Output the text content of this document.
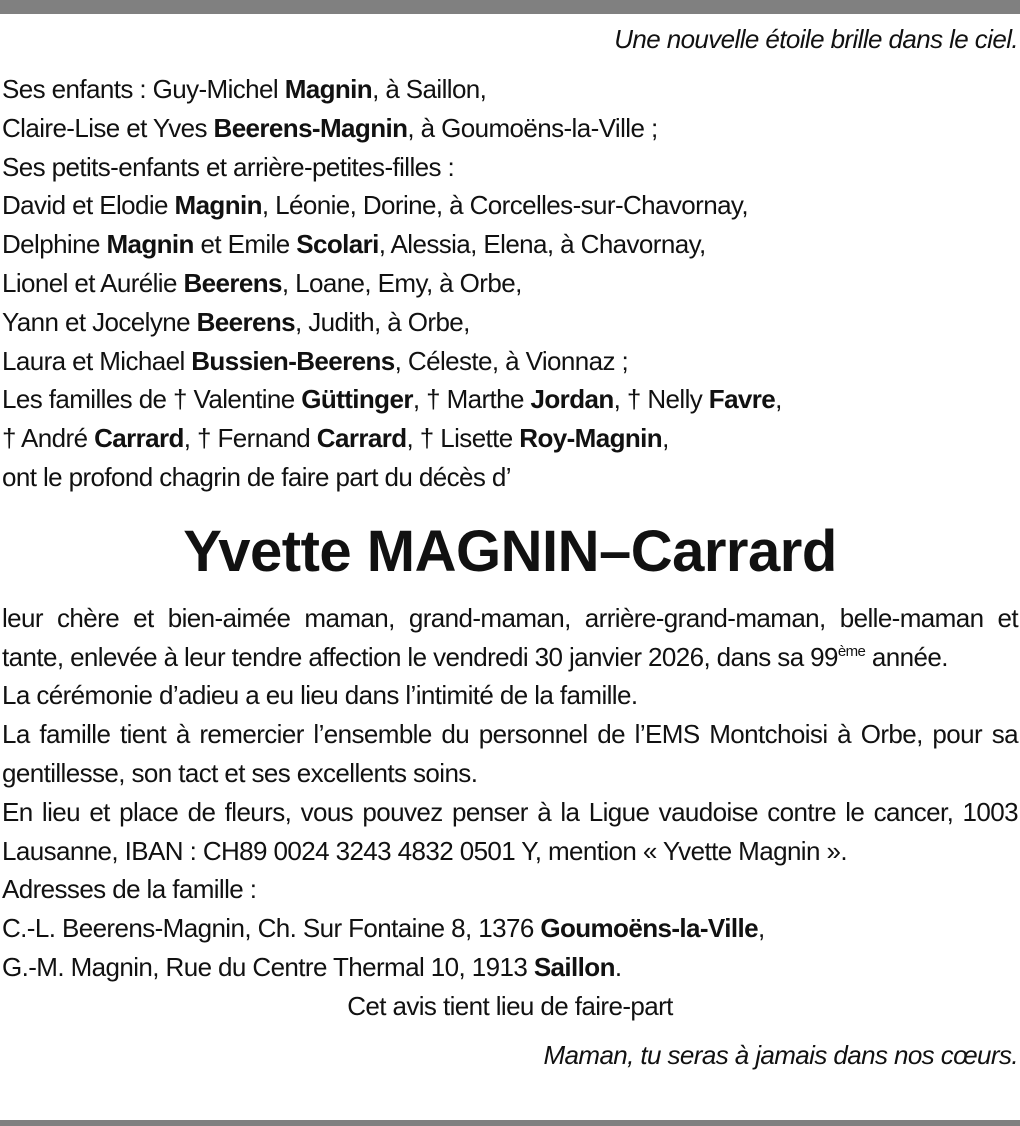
Une nouvelle étoile brille dans le ciel.
Ses enfants : Guy-Michel Magnin, à Saillon,
Claire-Lise et Yves Beerens-Magnin, à Goumoëns-la-Ville ;
Ses petits-enfants et arrière-petites-filles :
David et Elodie Magnin, Léonie, Dorine, à Corcelles-sur-Chavornay,
Delphine Magnin et Emile Scolari, Alessia, Elena, à Chavornay,
Lionel et Aurélie Beerens, Loane, Emy, à Orbe,
Yann et Jocelyne Beerens, Judith, à Orbe,
Laura et Michael Bussien-Beerens, Céleste, à Vionnaz ;
Les familles de † Valentine Güttinger, † Marthe Jordan, † Nelly Favre,
† André Carrard, † Fernand Carrard, † Lisette Roy-Magnin,
ont le profond chagrin de faire part du décès d’
Yvette MAGNIN–Carrard
leur chère et bien-aimée maman, grand-maman, arrière-grand-maman, belle-maman et tante, enlevée à leur tendre affection le vendredi 30 janvier 2026, dans sa 99ème année.
La cérémonie d’adieu a eu lieu dans l’intimité de la famille.
La famille tient à remercier l’ensemble du personnel de l’EMS Montchoisi à Orbe, pour sa gentillesse, son tact et ses excellents soins.
En lieu et place de fleurs, vous pouvez penser à la Ligue vaudoise contre le cancer, 1003 Lausanne, IBAN : CH89 0024 3243 4832 0501 Y, mention « Yvette Magnin ».
Adresses de la famille :
C.-L. Beerens-Magnin, Ch. Sur Fontaine 8, 1376 Goumoëns-la-Ville,
G.-M. Magnin, Rue du Centre Thermal 10, 1913 Saillon.
Cet avis tient lieu de faire-part
Maman, tu seras à jamais dans nos cœurs.
